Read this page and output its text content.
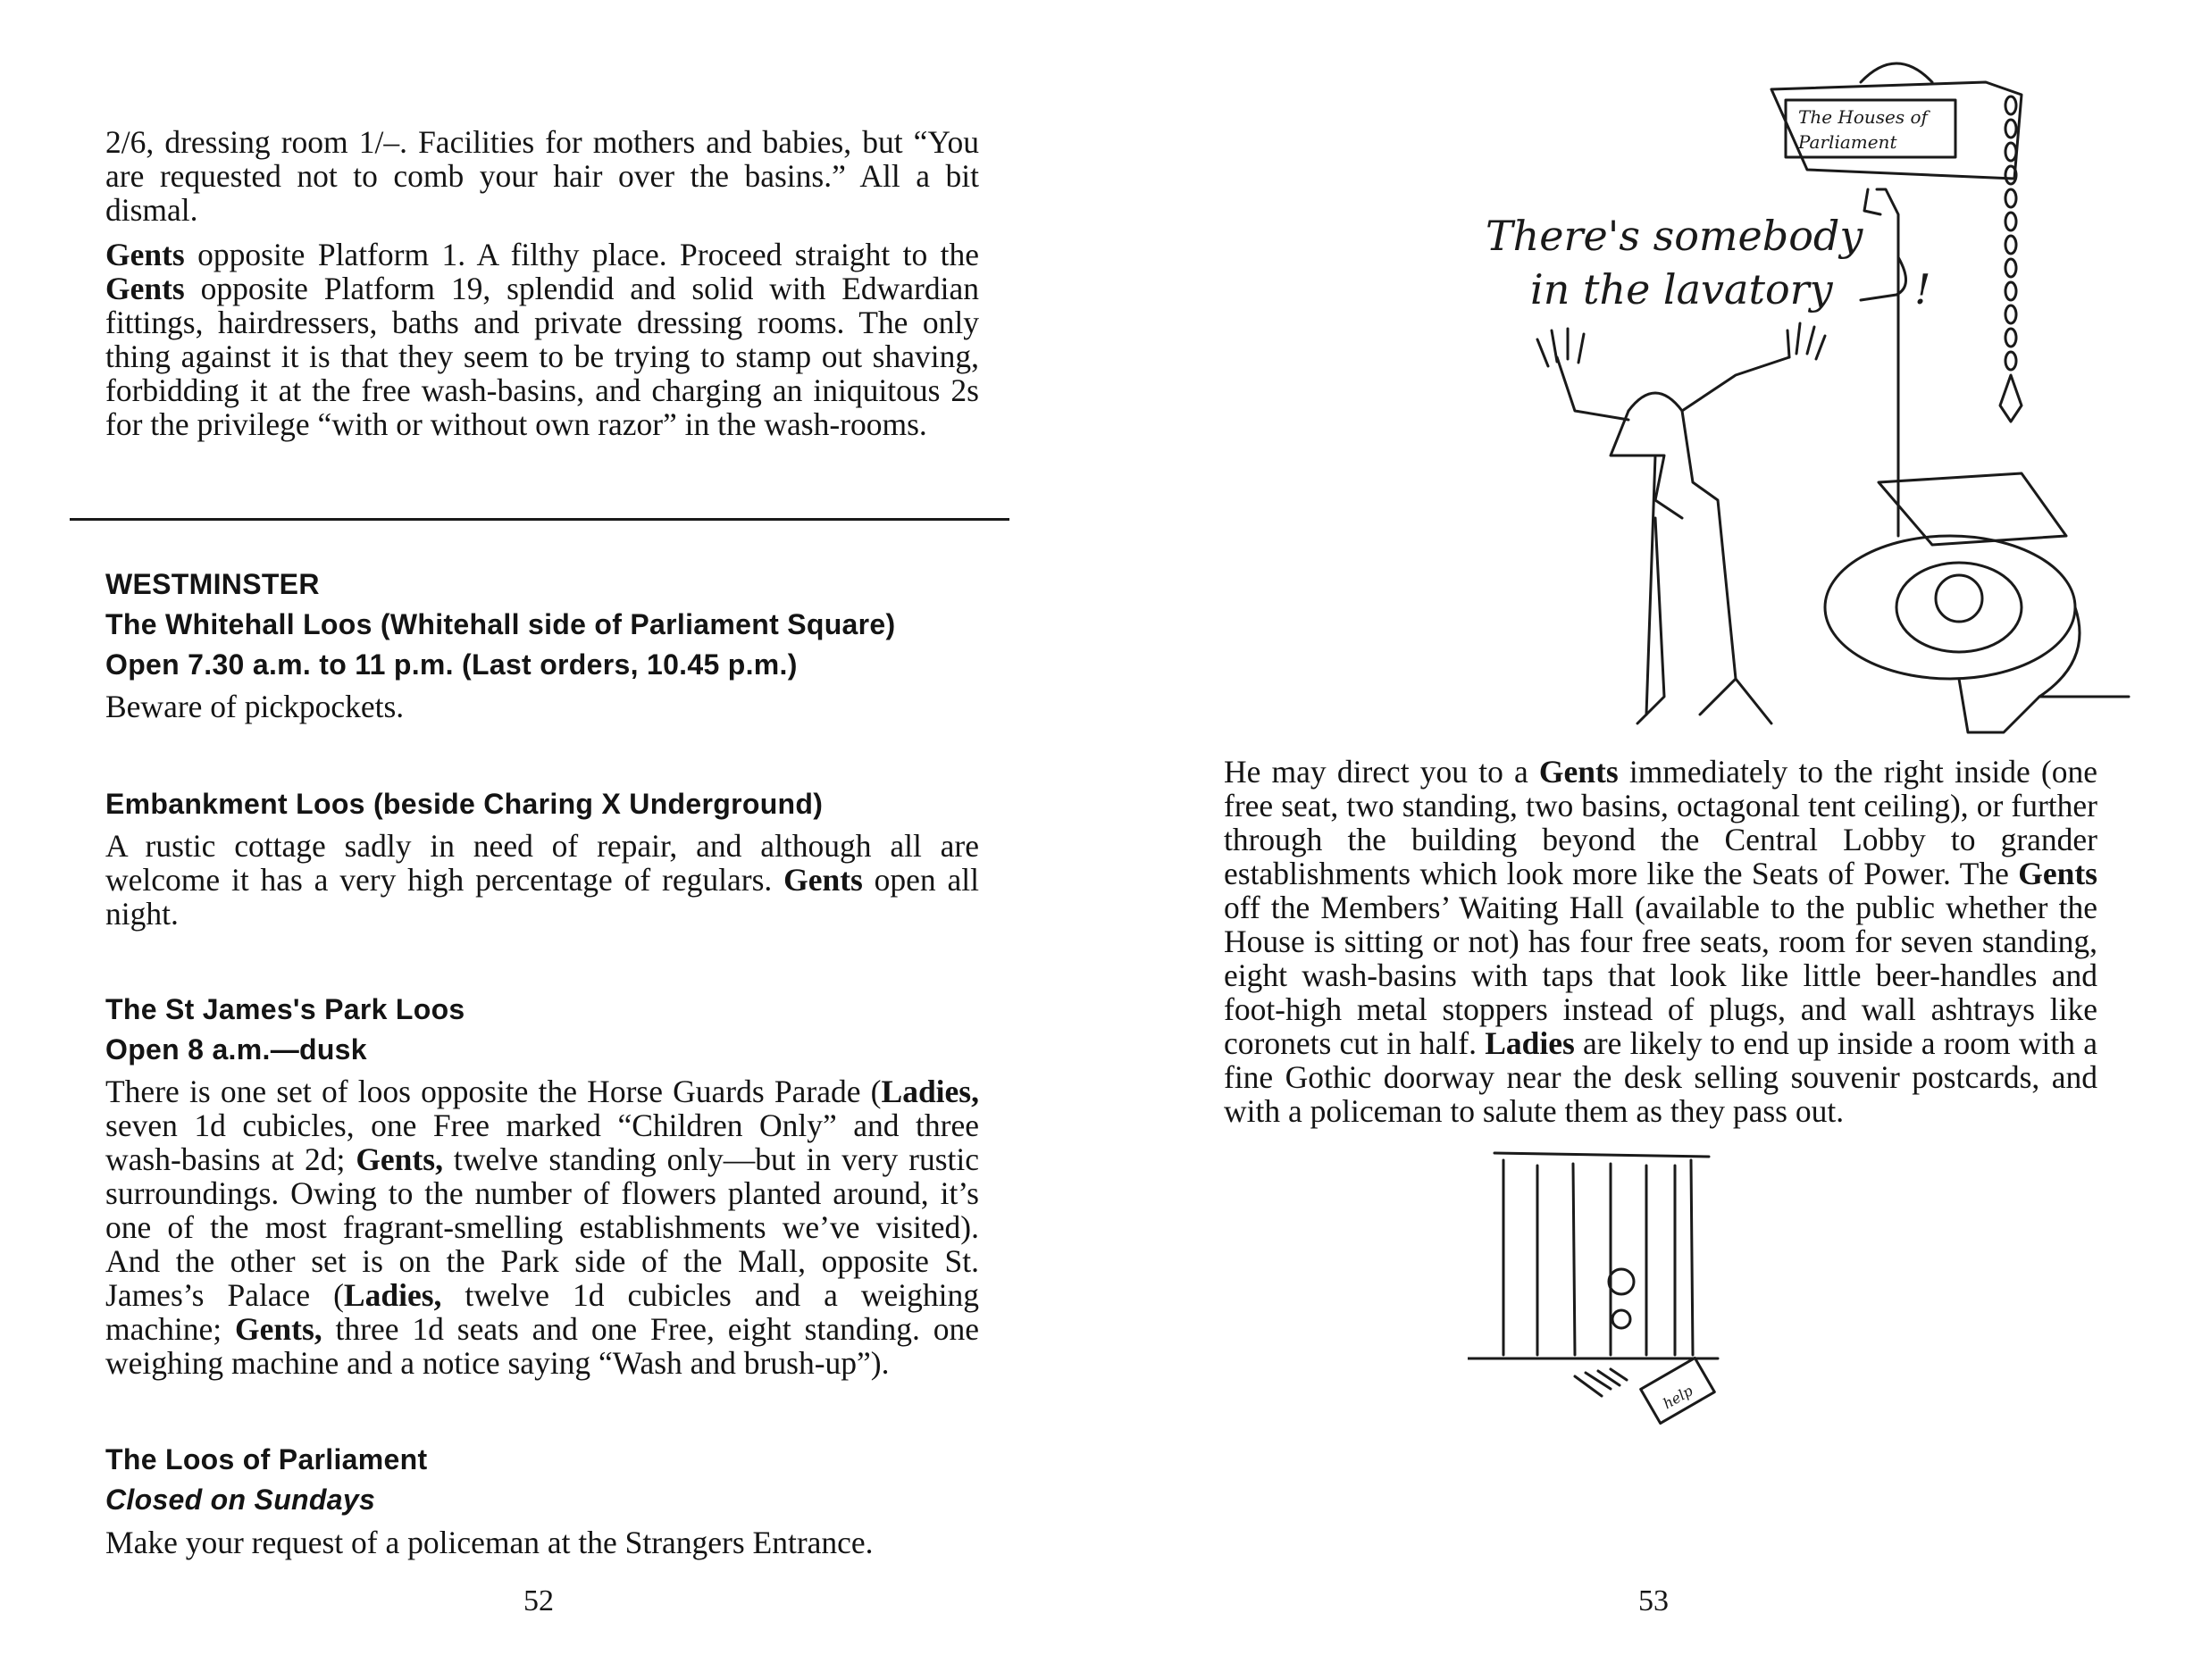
2/6, dressing room 1/–. Facilities for mothers and babies, but “You are requested not to comb your hair over the basins.” All a bit dismal.

Gents opposite Platform 1. A filthy place. Proceed straight to the Gents opposite Platform 19, splendid and solid with Edwardian fittings, hairdressers, baths and private dressing rooms. The only thing against it is that they seem to be trying to stamp out shaving, forbidding it at the free wash-basins, and charging an iniquitous 2s for the privilege “with or without own razor” in the wash-rooms.

WESTMINSTER
The Whitehall Loos (Whitehall side of Parliament Square)
Open 7.30 a.m. to 11 p.m. (Last orders, 10.45 p.m.)

Beware of pickpockets.

Embankment Loos (beside Charing X Underground)

A rustic cottage sadly in need of repair, and although all are welcome it has a very high percentage of regulars. Gents open all night.

The St James's Park Loos
Open 8 a.m.—dusk

There is one set of loos opposite the Horse Guards Parade (Ladies, seven 1d cubicles, one Free marked “Children Only” and three wash-basins at 2d; Gents, twelve standing only—but in very rustic surroundings. Owing to the number of flowers planted around, it’s one of the most fragrant-smelling establishments we’ve visited). And the other set is on the Park side of the Mall, opposite St. James’s Palace (Ladies, twelve 1d cubicles and a weighing machine; Gents, three 1d seats and one Free, eight standing. one weighing machine and a notice saying “Wash and brush-up”).

The Loos of Parliament
Closed on Sundays

Make your request of a policeman at the Strangers Entrance.

52
The Houses of
Parliament
There's somebody
in the lavatory !

He may direct you to a Gents immediately to the right inside (one free seat, two standing, two basins, octagonal tent ceiling), or further through the building beyond the Central Lobby to grander establishments which look more like the Seats of Power. The Gents off the Members’ Waiting Hall (available to the public whether the House is sitting or not) has four free seats, room for seven standing, eight wash-basins with taps that look like little beer-handles and foot-high metal stoppers instead of plugs, and wall ashtrays like coronets cut in half. Ladies are likely to end up inside a room with a fine Gothic doorway near the desk selling souvenir postcards, and with a policeman to salute them as they pass out.

help
53
